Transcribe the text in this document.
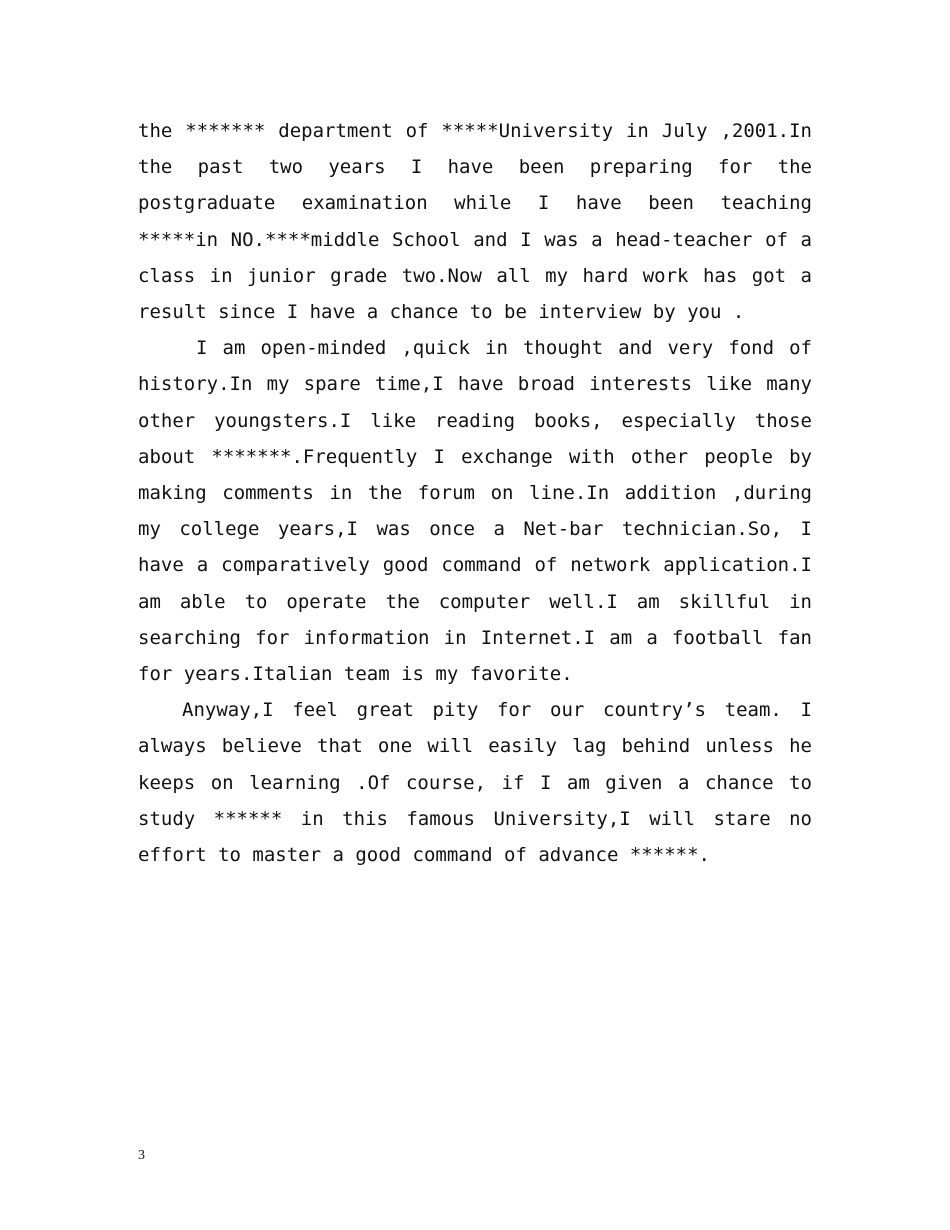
the ******* department of *****University in July ,2001.In the past two years I have been preparing for the postgraduate examination while I have been teaching *****in NO.****middle School and I was a head-teacher of a class in junior grade two.Now all my hard work has got a result since I have a chance to be interview by you .

I am open-minded ,quick in thought and very fond of history.In my spare time,I have broad interests like many other youngsters.I like reading books, especially those about *******.Frequently I exchange with other people by making comments in the forum on line.In addition ,during my college years,I was once a Net-bar technician.So, I have a comparatively good command of network application.I am able to operate the computer well.I am skillful in searching for information in Internet.I am a football fan for years.Italian team is my favorite.

Anyway,I feel great pity for our country’s team. I always believe that one will easily lag behind unless he keeps on learning .Of course, if I am given a chance to study ****** in this famous University,I will stare no effort to master a good command of advance ******.

3
